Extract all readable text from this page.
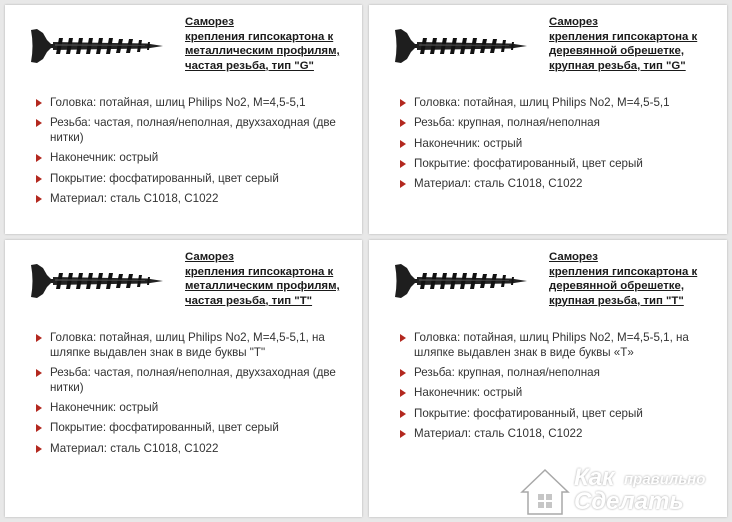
Саморез
крепления гипсокартона к
металлическим профилям,
частая резьба, тип "G"
Головка: потайная, шлиц Philips No2, M=4,5-5,1
Резьба: частая, полная/неполная, двухзаходная (две нитки)
Наконечник: острый
Покрытие: фосфатированный, цвет серый
Материал: сталь C1018, C1022
Саморез
крепления гипсокартона к
деревянной обрешетке,
крупная резьба, тип "G"
Головка: потайная, шлиц Philips No2, M=4,5-5,1
Резьба: крупная, полная/неполная
Наконечник: острый
Покрытие: фосфатированный, цвет серый
Материал: сталь C1018, C1022
Саморез
крепления гипсокартона к
металлическим профилям,
частая резьба, тип "T"
Головка: потайная, шлиц Philips No2, M=4,5-5,1, на шляпке выдавлен знак в виде буквы "T"
Резьба: частая, полная/неполная, двухзаходная (две нитки)
Наконечник: острый
Покрытие: фосфатированный, цвет серый
Материал: сталь C1018, C1022
Саморез
крепления гипсокартона к
деревянной обрешетке,
крупная резьба, тип "T"
Головка: потайная, шлиц Philips No2, M=4,5-5,1, на шляпке выдавлен знак в виде буквы «T»
Резьба: крупная, полная/неполная
Наконечник: острый
Покрытие: фосфатированный, цвет серый
Материал: сталь C1018, C1022
Как правильно
Сделать
